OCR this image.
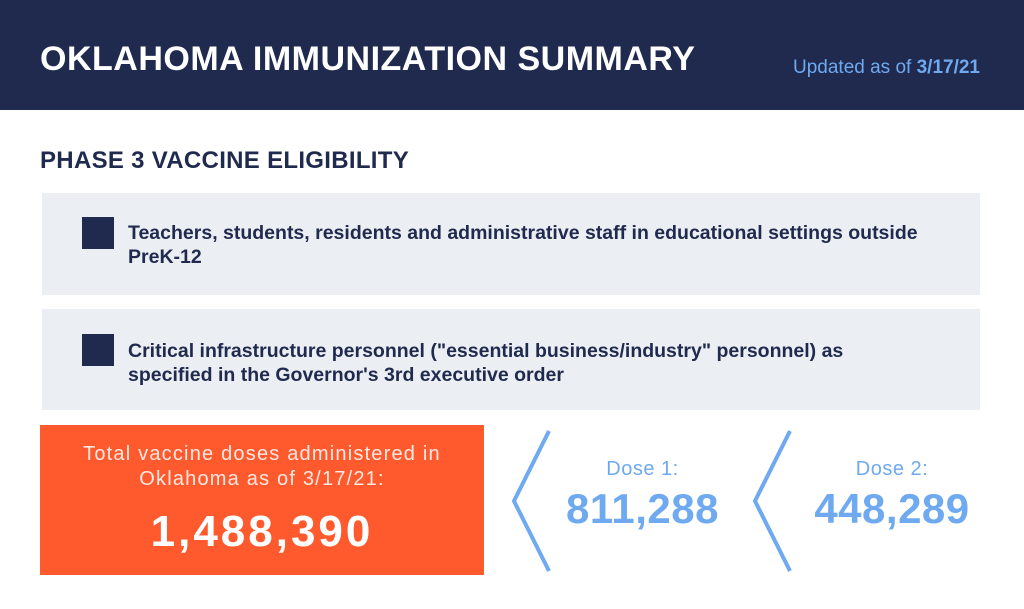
OKLAHOMA IMMUNIZATION SUMMARY	Updated as of 3/17/21
PHASE 3 VACCINE ELIGIBILITY
Teachers, students, residents and administrative staff in educational settings outside PreK-12
Critical infrastructure personnel ("essential business/industry" personnel) as specified in the Governor's 3rd executive order
Total vaccine doses administered in Oklahoma as of 3/17/21:
1,488,390
Dose 1:
811,288
Dose 2:
448,289
